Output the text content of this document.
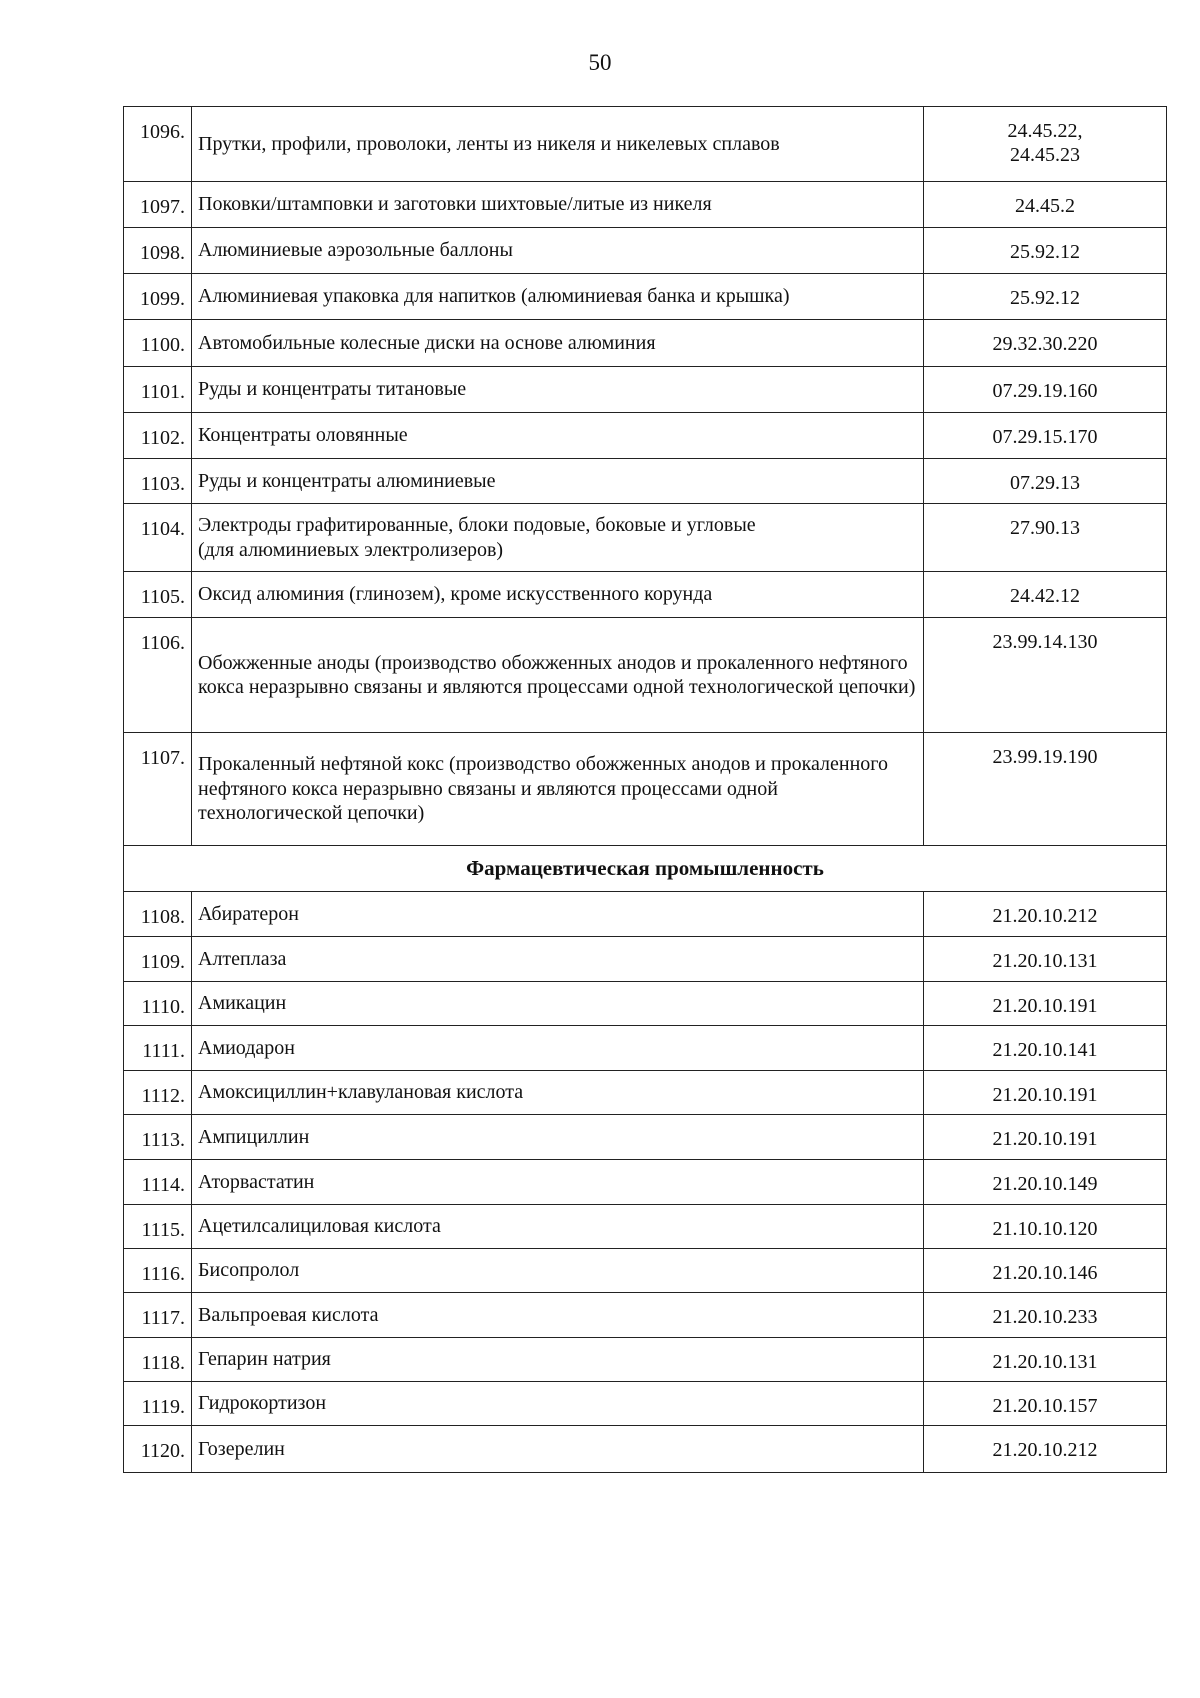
50
1096.	Прутки, профили, проволоки, ленты из никеля и никелевых сплавов	24.45.22,
24.45.23
1097.	Поковки/штамповки и заготовки шихтовые/литые из никеля	24.45.2
1098.	Алюминиевые аэрозольные баллоны	25.92.12
1099.	Алюминиевая упаковка для напитков (алюминиевая банка и крышка)	25.92.12
1100.	Автомобильные колесные диски на основе алюминия	29.32.30.220
1101.	Руды и концентраты титановые	07.29.19.160
1102.	Концентраты оловянные	07.29.15.170
1103.	Руды и концентраты алюминиевые	07.29.13
1104.	Электроды графитированные, блоки подовые, боковые и угловые
(для алюминиевых электролизеров)	27.90.13
1105.	Оксид алюминия (глинозем), кроме искусственного корунда	24.42.12
1106.	Обожженные аноды (производство обожженных анодов и прокаленного нефтяного кокса неразрывно связаны и являются процессами одной технологической цепочки)	23.99.14.130
1107.	Прокаленный нефтяной кокс (производство обожженных анодов и прокаленного нефтяного кокса неразрывно связаны и являются процессами одной технологической цепочки)	23.99.19.190
Фармацевтическая промышленность		
1108.	Абиратерон	21.20.10.212
1109.	Алтеплаза	21.20.10.131
1110.	Амикацин	21.20.10.191
1111.	Амиодарон	21.20.10.141
1112.	Амоксициллин+клавулановая кислота	21.20.10.191
1113.	Ампициллин	21.20.10.191
1114.	Аторвастатин	21.20.10.149
1115.	Ацетилсалициловая кислота	21.10.10.120
1116.	Бисопролол	21.20.10.146
1117.	Вальпроевая кислота	21.20.10.233
1118.	Гепарин натрия	21.20.10.131
1119.	Гидрокортизон	21.20.10.157
1120.	Гозерелин	21.20.10.212
